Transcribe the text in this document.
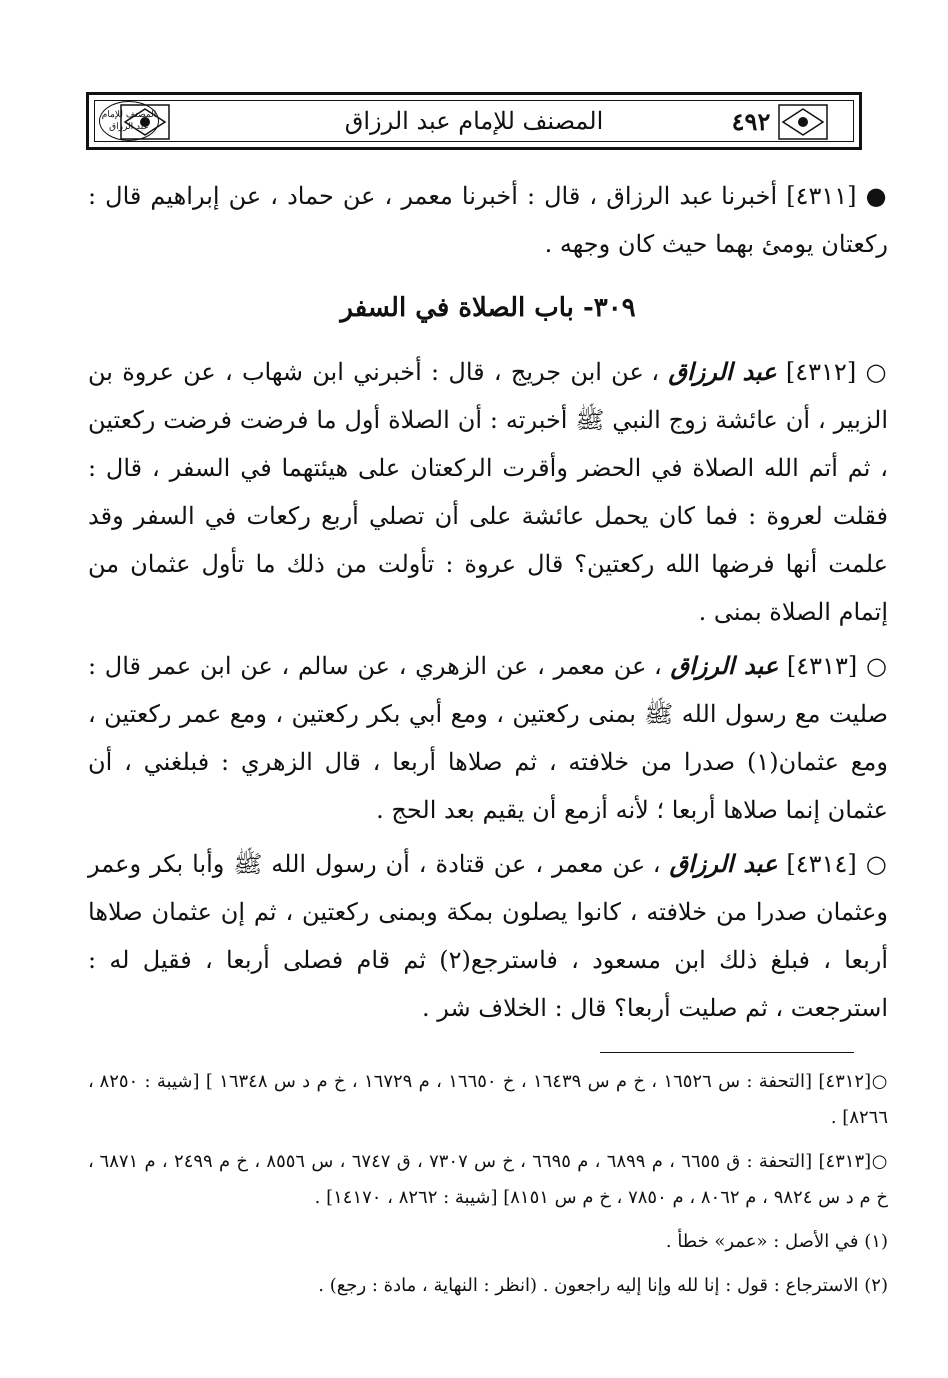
المصنف للإمام عبد الرزاق	المصنف للإمام عبد الرزاق	٤٩٢

● [٤٣١١] أخبرنا عبد الرزاق ، قال : أخبرنا معمر ، عن حماد ، عن إبراهيم قال : ركعتان يومئ بهما حيث كان وجهه .

٣٠٩- باب الصلاة في السفر

○ [٤٣١٢] عبد الرزاق ، عن ابن جريج ، قال : أخبرني ابن شهاب ، عن عروة بن الزبير ، أن عائشة زوج النبي ﷺ أخبرته : أن الصلاة أول ما فرضت فرضت ركعتين ، ثم أتم الله الصلاة في الحضر وأقرت الركعتان على هيئتهما في السفر ، قال : فقلت لعروة : فما كان يحمل عائشة على أن تصلي أربع ركعات في السفر وقد علمت أنها فرضها الله ركعتين؟ قال عروة : تأولت من ذلك ما تأول عثمان من إتمام الصلاة بمنى .

○ [٤٣١٣] عبد الرزاق ، عن معمر ، عن الزهري ، عن سالم ، عن ابن عمر قال : صليت مع رسول الله ﷺ بمنى ركعتين ، ومع أبي بكر ركعتين ، ومع عمر ركعتين ، ومع عثمان(١) صدرا من خلافته ، ثم صلاها أربعا ، قال الزهري : فبلغني ، أن عثمان إنما صلاها أربعا ؛ لأنه أزمع أن يقيم بعد الحج .

○ [٤٣١٤] عبد الرزاق ، عن معمر ، عن قتادة ، أن رسول الله ﷺ وأبا بكر وعمر وعثمان صدرا من خلافته ، كانوا يصلون بمكة وبمنى ركعتين ، ثم إن عثمان صلاها أربعا ، فبلغ ذلك ابن مسعود ، فاسترجع(٢) ثم قام فصلى أربعا ، فقيل له : استرجعت ، ثم صليت أربعا؟ قال : الخلاف شر .

○[٤٣١٢] [التحفة : س ١٦٥٢٦ ، خ م س ١٦٤٣٩ ، خ ١٦٦٥٠ ، م ١٦٧٢٩ ، خ م د س ١٦٣٤٨ ] [شيبة : ٨٢٥٠ ، ٨٢٦٦] .

○[٤٣١٣] [التحفة : ق ٦٦٥٥ ، م ٦٨٩٩ ، م ٦٦٩٥ ، خ س ٧٣٠٧ ، ق ٦٧٤٧ ، س ٨٥٥٦ ، خ م ٢٤٩٩ ، م ٦٨٧١ ، خ م د س ٩٨٢٤ ، م ٨٠٦٢ ، م ٧٨٥٠ ، خ م س ٨١٥١] [شيبة : ٨٢٦٢ ، ١٤١٧٠] .

(١) في الأصل : «عمر» خطأ .

(٢) الاسترجاع : قول : إنا لله وإنا إليه راجعون . (انظر : النهاية ، مادة : رجع) .
